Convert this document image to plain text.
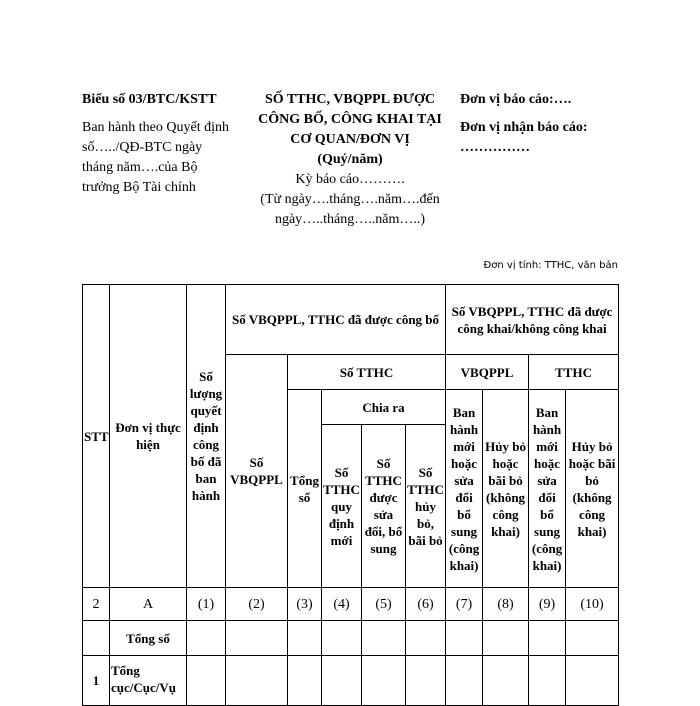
Biểu số 03/BTC/KSTT
Ban hành theo Quyết định
số…../QĐ-BTC ngày
tháng năm….của Bộ
trưởng Bộ Tài chính
SỐ TTHC, VBQPPL ĐƯỢC
CÔNG BỐ, CÔNG KHAI TẠI
CƠ QUAN/ĐƠN VỊ
(Quý/năm)
Kỳ báo cáo……….
(Từ ngày….tháng….năm….đến
ngày…..tháng…..năm…..)
Đơn vị báo cáo:….
Đơn vị nhận báo cáo:
……………
Đơn vị tính: TTHC, văn bản
STT	Đơn vị thực hiện	Số lượng quyết định công bố đã ban hành	Số VBQPPL, TTHC đã được công bố					Số VBQPPL, TTHC đã được công khai/không công khai			
			Số VBQPPL	Số TTHC				VBQPPL		TTHC	
				Tổng số	Chia ra			Ban hành mới hoặc sửa đổi bổ sung (công khai)	Hủy bỏ hoặc bãi bỏ (không công khai)	Ban hành mới hoặc sửa đổi bổ sung (công khai)	Hủy bỏ hoặc bãi bỏ (không công khai)
					Số TTHC quy định mới	Số TTHC được sửa đổi, bổ sung	Số TTHC hủy bỏ, bãi bỏ				

2	A	(1)	(2)	(3)	(4)	(5)	(6)	(7)	(8)	(9)	(10)
	Tổng số										
1	Tổng cục/Cục/Vụ										
